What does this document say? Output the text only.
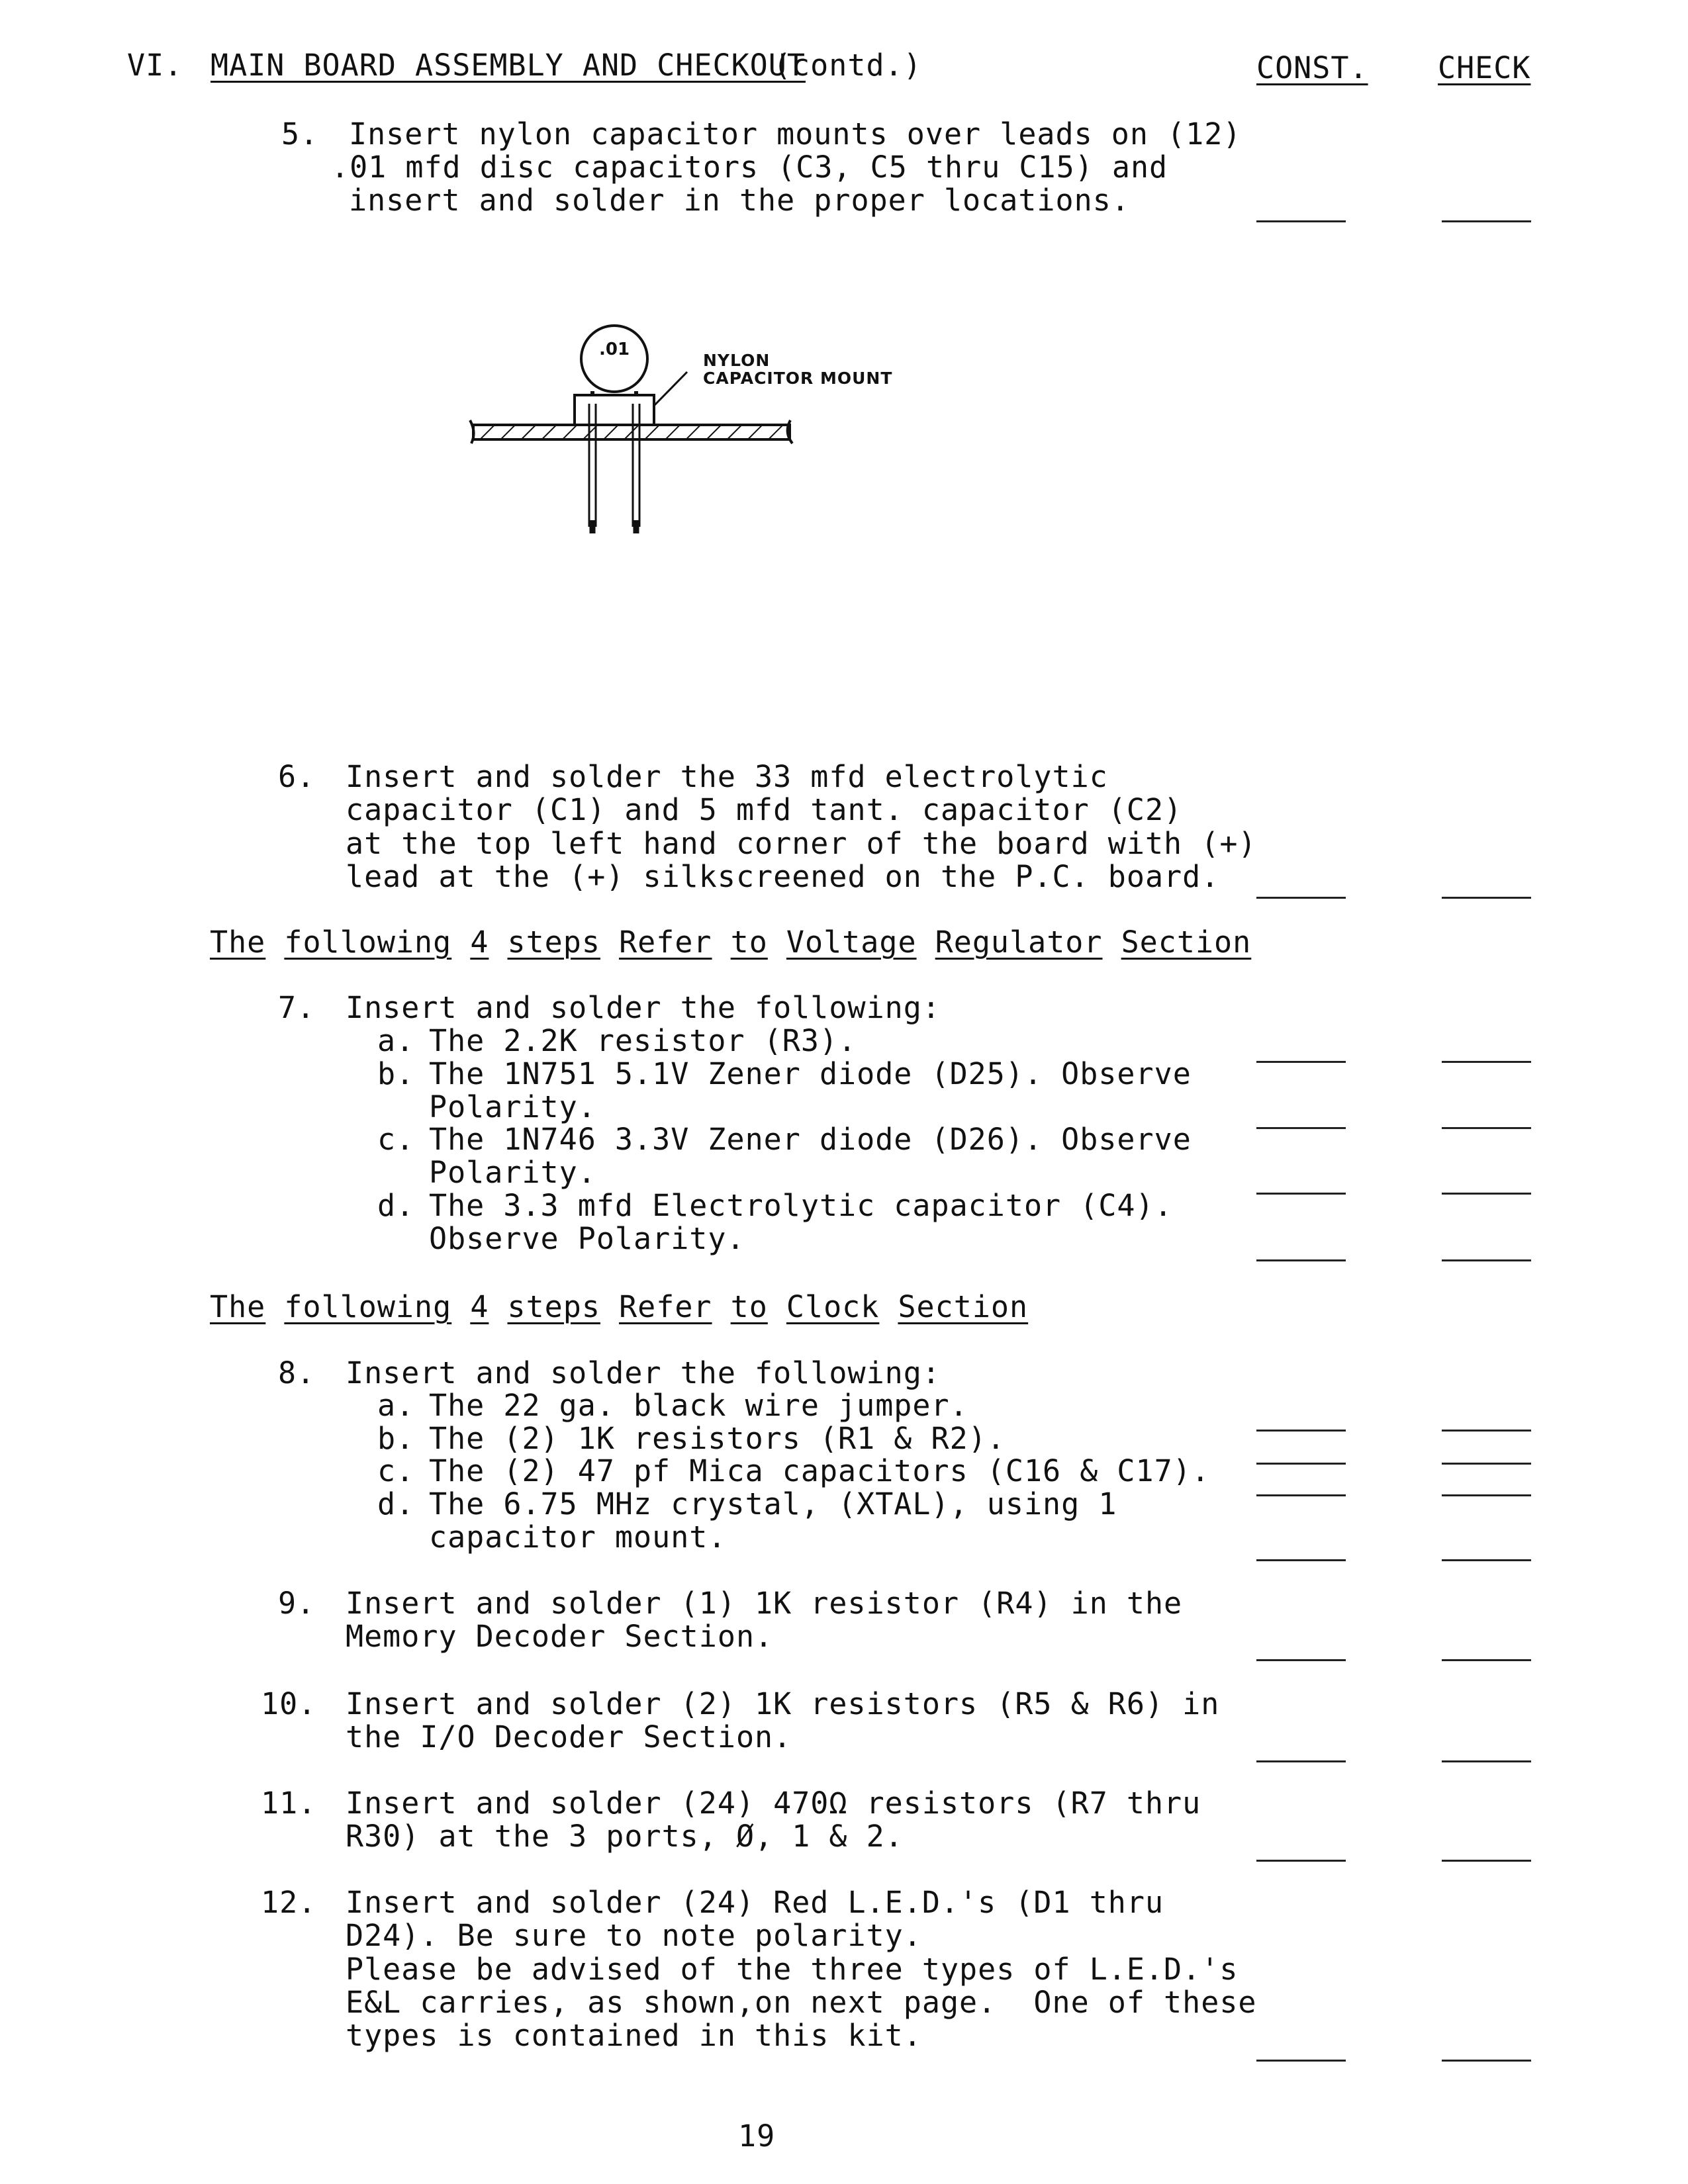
VI. MAIN BOARD ASSEMBLY AND CHECKOUT
(contd.)	CONST. CHECK
5. Insert nylon capacitor mounts over leads on (12)
.01 mfd disc capacitors (C3, C5 thru C15) and
insert and solder in the proper locations.
.01
NYLON
CAPACITOR MOUNT
6. Insert and solder the 33 mfd electrolytic
capacitor (C1) and 5 mfd tant. capacitor (C2)
at the top left hand corner of the board with (+)
lead at the (+) silkscreened on the P.C. board.
The following 4 steps Refer to Voltage Regulator Section
7. Insert and solder the following:
a. The 2.2K resistor (R3).
b. The 1N751 5.1V Zener diode (D25). Observe
Polarity.
c. The 1N746 3.3V Zener diode (D26). Observe
Polarity.
d. The 3.3 mfd Electrolytic capacitor (C4).
Observe Polarity.
The following 4 steps Refer to Clock Section
8. Insert and solder the following:
a. The 22 ga. black wire jumper.
b. The (2) 1K resistors (R1 & R2).
c. The (2) 47 pf Mica capacitors (C16 & C17).
d. The 6.75 MHz crystal, (XTAL), using 1
capacitor mount.
9. Insert and solder (1) 1K resistor (R4) in the
Memory Decoder Section.
10. Insert and solder (2) 1K resistors (R5 & R6) in
the I/O Decoder Section.
11. Insert and solder (24) 470Ω resistors (R7 thru
R30) at the 3 ports, Ø, 1 & 2.
12. Insert and solder (24) Red L.E.D.'s (D1 thru
D24). Be sure to note polarity.
Please be advised of the three types of L.E.D.'s
E&L carries, as shown,on next page.  One of these
types is contained in this kit.
19
